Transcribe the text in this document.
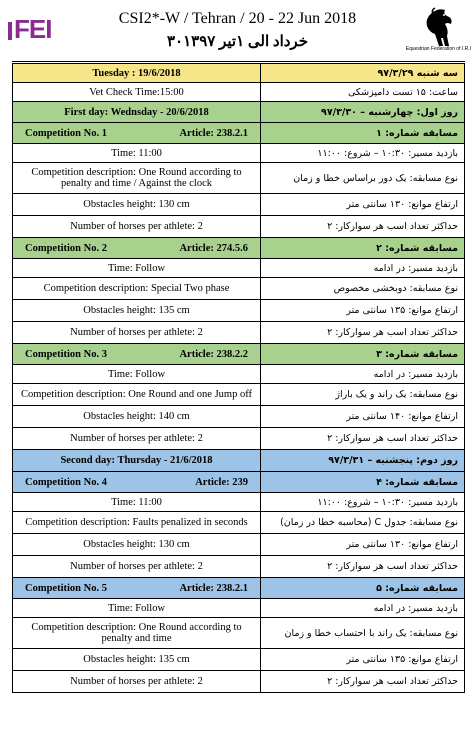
FEI	CSI2*-W / Tehran / 20 - 22 Jun 2018
۳۰خرداد الی ۱تیر ۱۳۹۷	Equestrian Federation of I.R.I
Tuesday : 19/6/2018	سه شنبه ۹۷/۳/۲۹
Vet Check Time:15:00	ساعت: ۱۵ تست دامپزشکی
First day: Wednsday - 20/6/2018	روز اول: چهارشنبه – ۹۷/۳/۳۰

Competition No. 1 Article: 238.2.1	مسابقه شماره: ۱
Time: 11:00	بازدید مسیر: ۱۰:۳۰ – شروع: ۱۱:۰۰
Competition description: One Round according to penalty and time / Against the clock	نوع مسابقه: یک دور براساس خطا و زمان
Obstacles height: 130 cm	ارتفاع موانع: ۱۳۰ سانتی متر
Number of horses per athlete: 2	حداکثر تعداد اسب هر سوارکار: ۲

Competition No. 2 Article: 274.5.6	مسابقه شماره: ۲
Time: Follow	بازدید مسیر: در ادامه
Competition description: Special Two phase	نوع مسابقه: دوبخشی مخصوص
Obstacles height: 135 cm	ارتفاع موانع: ۱۳۵ سانتی متر
Number of horses per athlete: 2	حداکثر تعداد اسب هر سوارکار: ۲

Competition No. 3 Article: 238.2.2	مسابقه شماره: ۳
Time: Follow	بازدید مسیر: در ادامه
Competition description: One Round and one Jump off	نوع مسابقه: یک راند و یک باراژ
Obstacles height: 140 cm	ارتفاع موانع: ۱۴۰ سانتی متر
Number of horses per athlete: 2	حداکثر تعداد اسب هر سوارکار: ۲
Second day: Thursday - 21/6/2018	روز دوم: پنجشنبه – ۹۷/۳/۳۱

Competition No. 4 Article: 239	مسابقه شماره: ۴
Time: 11:00	بازدید مسیر: ۱۰:۳۰ – شروع: ۱۱:۰۰
Competition description: Faults penalized in seconds	نوع مسابقه: جدول C (محاسبه خطا در زمان)
Obstacles height: 130 cm	ارتفاع موانع: ۱۳۰ سانتی متر
Number of horses per athlete: 2	حداکثر تعداد اسب هر سوارکار: ۲

Competition No. 5 Article: 238.2.1	مسابقه شماره: ۵
Time: Follow	بازدید مسیر: در ادامه
Competition description: One Round according to penalty and time	نوع مسابقه: یک راند با احتساب خطا و زمان
Obstacles height: 135 cm	ارتفاع موانع: ۱۳۵ سانتی متر
Number of horses per athlete: 2	حداکثر تعداد اسب هر سوارکار: ۲
